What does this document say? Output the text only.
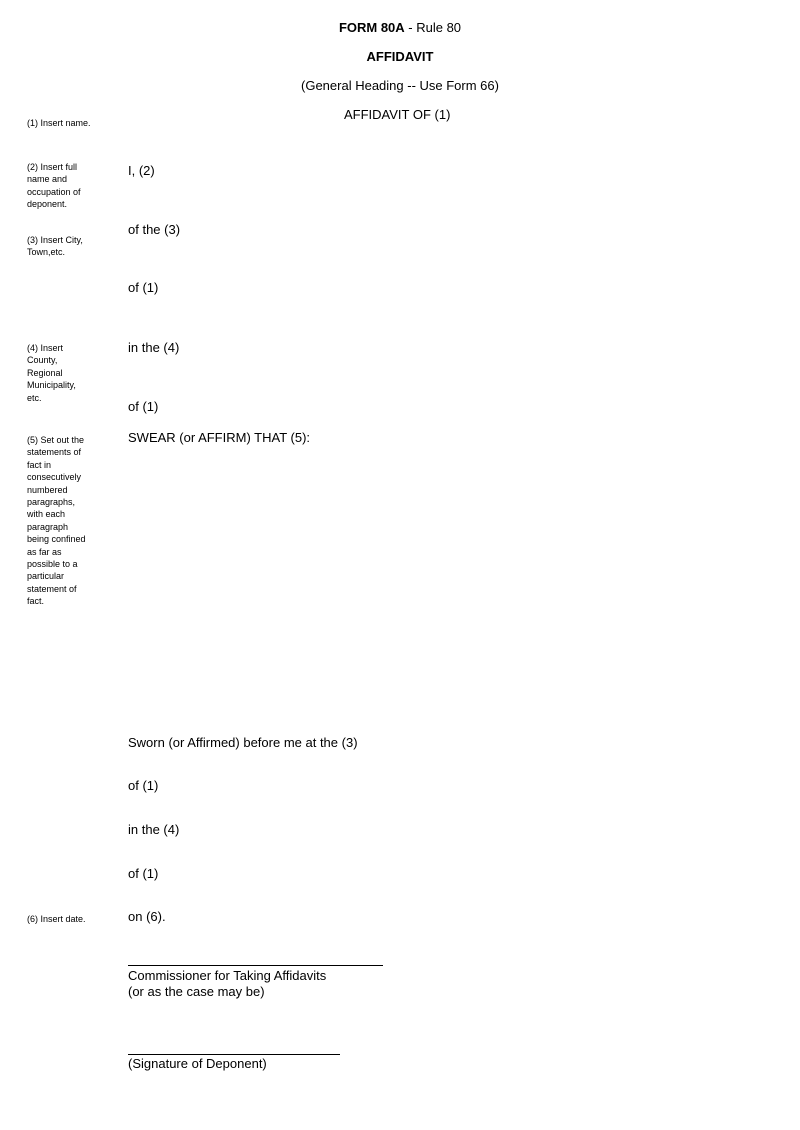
FORM 80A - Rule 80
AFFIDAVIT
(General Heading -- Use Form 66)
AFFIDAVIT OF (1)
(1) Insert name.
(2) Insert full name and occupation of deponent.
(3) Insert City, Town,etc.
(4) Insert County, Regional Municipality, etc.
(5) Set out the statements of fact in consecutively numbered paragraphs, with each paragraph being confined as far as possible to a particular statement of fact.
(6) Insert date.
I, (2)
of the (3)
of (1)
in the (4)
of (1)
SWEAR (or AFFIRM) THAT (5):
Sworn (or Affirmed) before me at the (3)
of (1)
in the (4)
of (1)
on (6).
Commissioner for Taking Affidavits
(or as the case may be)
(Signature of Deponent)
